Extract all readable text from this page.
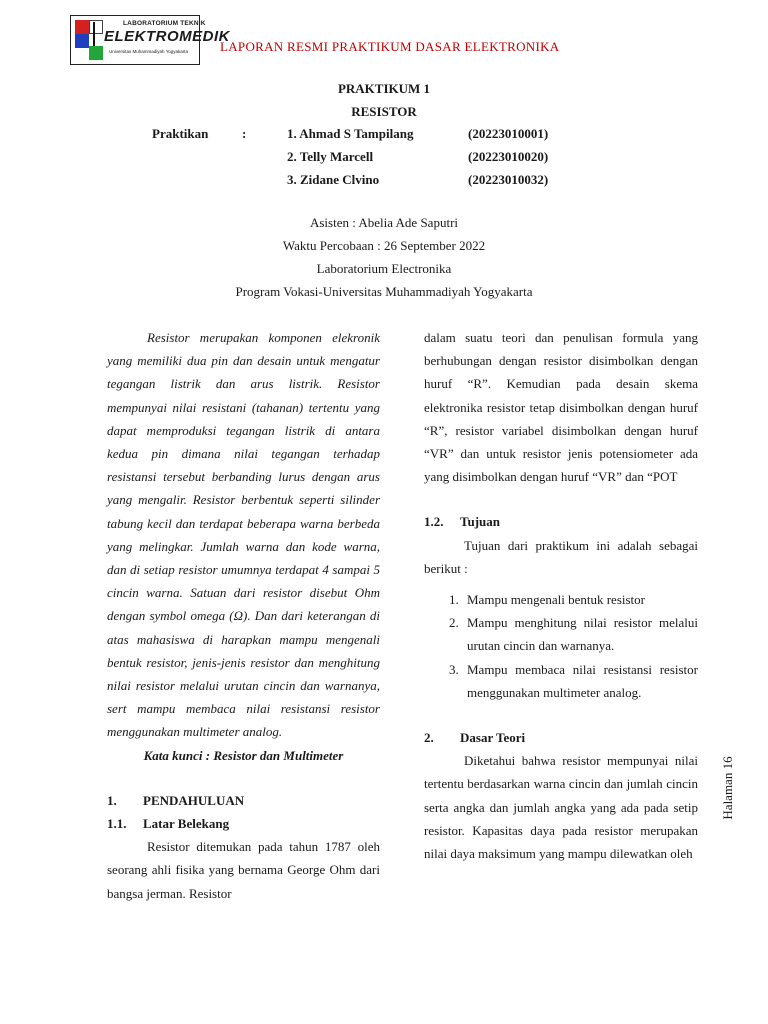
LABORATORIUM TEKNIK
ELEKTROMEDIK
Universitas Muhammadiyah Yogyakarta LAPORAN RESMI PRAKTIKUM DASAR ELEKTRONIKA
PRAKTIKUM 1
RESISTOR
Praktikan	:	1. Ahmad S Tampilang	(20223010001)
2. Telly Marcell	(20223010020)
3. Zidane Clvino	(20223010032)
Asisten : Abelia Ade Saputri
Waktu Percobaan : 26 September 2022
Laboratorium Electronika
Program Vokasi-Universitas Muhammadiyah Yogyakarta

Resistor merupakan komponen elekronik yang memiliki dua pin dan desain untuk mengatur tegangan listrik dan arus listrik. Resistor mempunyai nilai resistani (tahanan) tertentu yang dapat memproduksi tegangan listrik di antara kedua pin dimana nilai tegangan terhadap resistansi tersebut berbanding lurus dengan arus yang mengalir. Resistor berbentuk seperti silinder tabung kecil dan terdapat beberapa warna berbeda yang melingkar. Jumlah warna dan kode warna, dan di setiap resistor umumnya terdapat 4 sampai 5 cincin warna. Satuan dari resistor disebut Ohm dengan symbol omega (Ω). Dan dari keterangan di atas mahasiswa di harapkan mampu mengenali bentuk resistor, jenis-jenis resistor dan menghitung nilai resistor melalui urutan cincin dan warnanya, sert mampu membaca nilai resistansi resistor menggunakan multimeter analog.

Kata kunci : Resistor dan Multimeter

1. PENDAHULUAN
1.1. Latar Belekang

Resistor ditemukan pada tahun 1787 oleh seorang ahli fisika yang bernama George Ohm dari bangsa jerman. Resistor

dalam suatu teori dan penulisan formula yang berhubungan dengan resistor disimbolkan dengan huruf “R”. Kemudian pada desain skema elektronika resistor tetap disimbolkan dengan huruf “R”, resistor variabel disimbolkan dengan huruf “VR” dan untuk resistor jenis potensiometer ada yang disimbolkan dengan huruf “VR” dan “POT

1.2. Tujuan

Tujuan dari praktikum ini adalah sebagai berikut :

1. Mampu mengenali bentuk resistor
2. Mampu menghitung nilai resistor melalui urutan cincin dan warnanya.
3. Mampu membaca nilai resistansi resistor menggunakan multimeter analog.
2. Dasar Teori

Diketahui bahwa resistor mempunyai nilai tertentu berdasarkan warna cincin dan jumlah cincin serta angka dan jumlah angka yang ada pada setip resistor. Kapasitas daya pada resistor merupakan nilai daya maksimum yang mampu dilewatkan oleh

Halaman 16
